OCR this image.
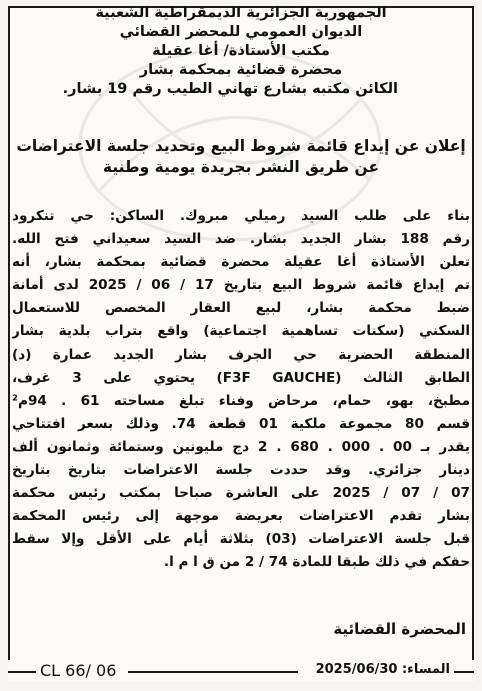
الجمهورية الجزائرية الديمقراطية الشعبية
الديوان العمومي للمحضر القضائي
مكتب الأستاذة/ أغا عقيلة
محضرة قضائية بمحكمة بشار
الكائن مكتبه بشارع تهاني الطيب رقم 19 بشار.
إعلان عن إيداع قائمة شروط البيع وتحديد جلسة الاعتراضات
عن طريق النشر بجريدة يومية وطنية
بناء على طلب السيد رميلي مبروك. الساكن: حي تنكرود
رقم 188 بشار الجديد بشار. ضد السيد سعيداني فتح الله.
تعلن الأستاذة أغا عقيلة محضرة قضائية بمحكمة بشار، أنه
تم إيداع قائمة شروط البيع بتاريخ 17 / 06 / 2025 لدى أمانة
ضبط محكمة بشار، لبيع العقار المخصص للاستعمال
السكني (سكنات تساهمية اجتماعية) واقع بتراب بلدية بشار
المنطقة الحضرية حي الجرف بشار الجديد عمارة (د)
الطابق الثالث (F3F GAUCHE) يحتوي على 3 غرف،
مطبخ، بهو، حمام، مرحاض وفناء تبلغ مساحته 61 . 94م²
قسم 80 مجموعة ملكية 01 قطعة 74. وذلك بسعر افتتاحي
يقدر بـ 00 . 000 . 680 . 2 دج مليونين وستمائة وثمانون ألف
دينار جزائري. وقد حددت جلسة الاعتراضات بتاريخ بتاريخ
07 / 07 / 2025 على العاشرة صباحا بمكتب رئيس محكمة
بشار تقدم الاعتراضات بعريضة موجهة إلى رئيس المحكمة
قبل جلسة الاعتراضات (03) بثلاثة أيام على الأقل وإلا سقط
حقكم في ذلك طبقا للمادة 74 / 2 من ق ا م ا.
المحضرة القضائية
CL 66/ 06	المساء: 2025/06/30
